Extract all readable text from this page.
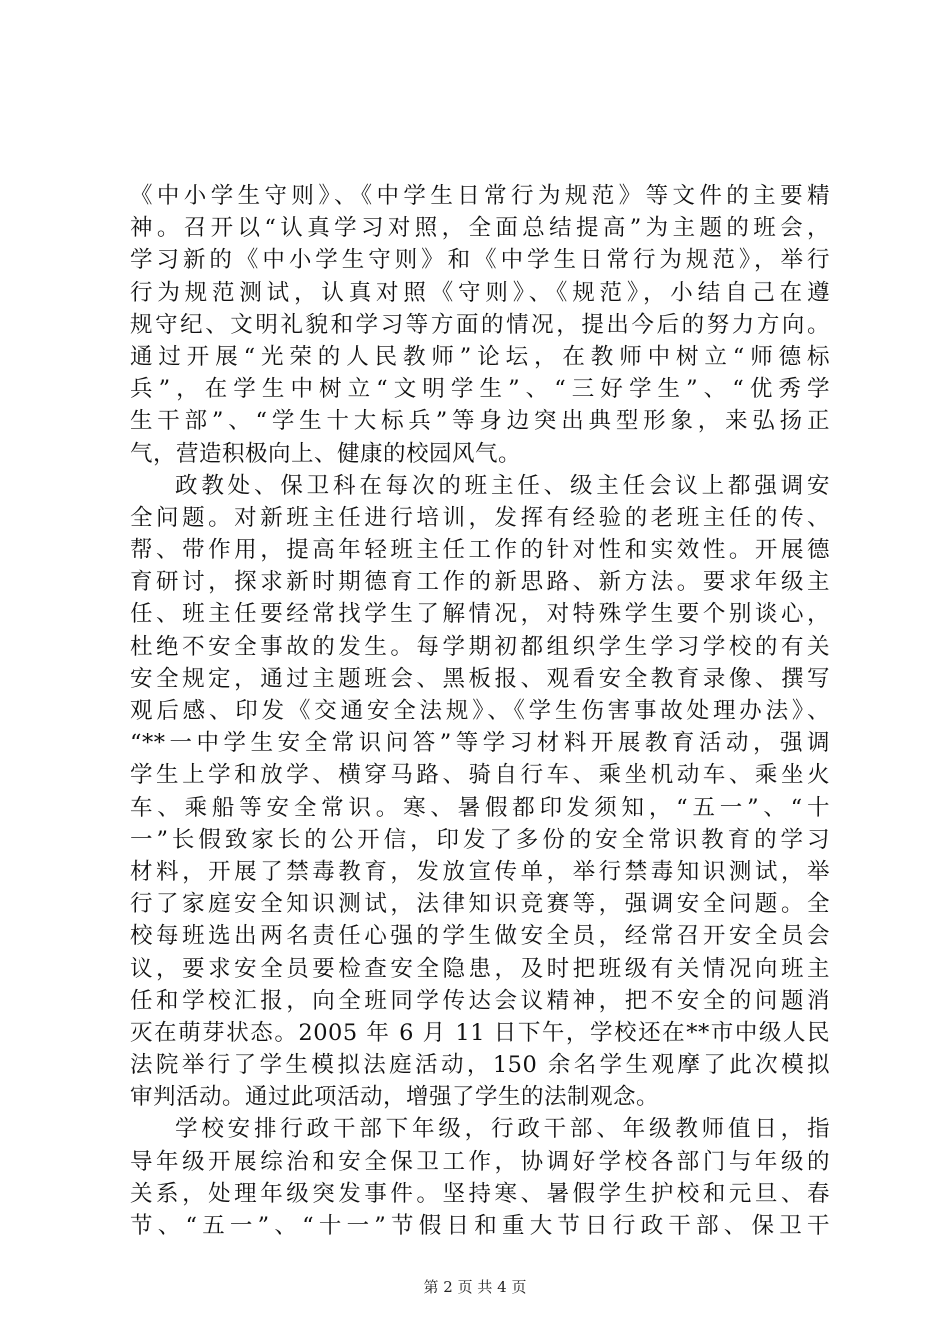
《中小学生守则》、《中学生日常行为规范》等文件的主要精
神。召开以“认真学习对照，全面总结提高”为主题的班会，
学习新的《中小学生守则》和《中学生日常行为规范》，举行
行为规范测试，认真对照《守则》、《规范》，小结自己在遵
规守纪、文明礼貌和学习等方面的情况，提出今后的努力方向。
通过开展“光荣的人民教师”论坛，在教师中树立“师德标
兵”，在学生中树立“文明学生”、“三好学生”、“优秀学
生干部”、“学生十大标兵”等身边突出典型形象，来弘扬正
气，营造积极向上、健康的校园风气。
政教处、保卫科在每次的班主任、级主任会议上都强调安
全问题。对新班主任进行培训，发挥有经验的老班主任的传、
帮、带作用，提高年轻班主任工作的针对性和实效性。开展德
育研讨，探求新时期德育工作的新思路、新方法。要求年级主
任、班主任要经常找学生了解情况，对特殊学生要个别谈心，
杜绝不安全事故的发生。每学期初都组织学生学习学校的有关
安全规定，通过主题班会、黑板报、观看安全教育录像、撰写
观后感、印发《交通安全法规》、《学生伤害事故处理办法》、
“**一中学生安全常识问答”等学习材料开展教育活动，强调
学生上学和放学、横穿马路、骑自行车、乘坐机动车、乘坐火
车、乘船等安全常识。寒、暑假都印发须知，“五一”、“十
一”长假致家长的公开信，印发了多份的安全常识教育的学习
材料，开展了禁毒教育，发放宣传单，举行禁毒知识测试，举
行了家庭安全知识测试，法律知识竞赛等，强调安全问题。全
校每班选出两名责任心强的学生做安全员，经常召开安全员会
议，要求安全员要检查安全隐患，及时把班级有关情况向班主
任和学校汇报，向全班同学传达会议精神，把不安全的问题消
灭在萌芽状态。2005 年 6 月 11 日下午，学校还在**市中级人民
法院举行了学生模拟法庭活动，150 余名学生观摩了此次模拟
审判活动。通过此项活动，增强了学生的法制观念。
学校安排行政干部下年级，行政干部、年级教师值日，指
导年级开展综治和安全保卫工作，协调好学校各部门与年级的
关系，处理年级突发事件。坚持寒、暑假学生护校和元旦、春
节、“五一”、“十一”节假日和重大节日行政干部、保卫干
第 2 页 共 4 页
